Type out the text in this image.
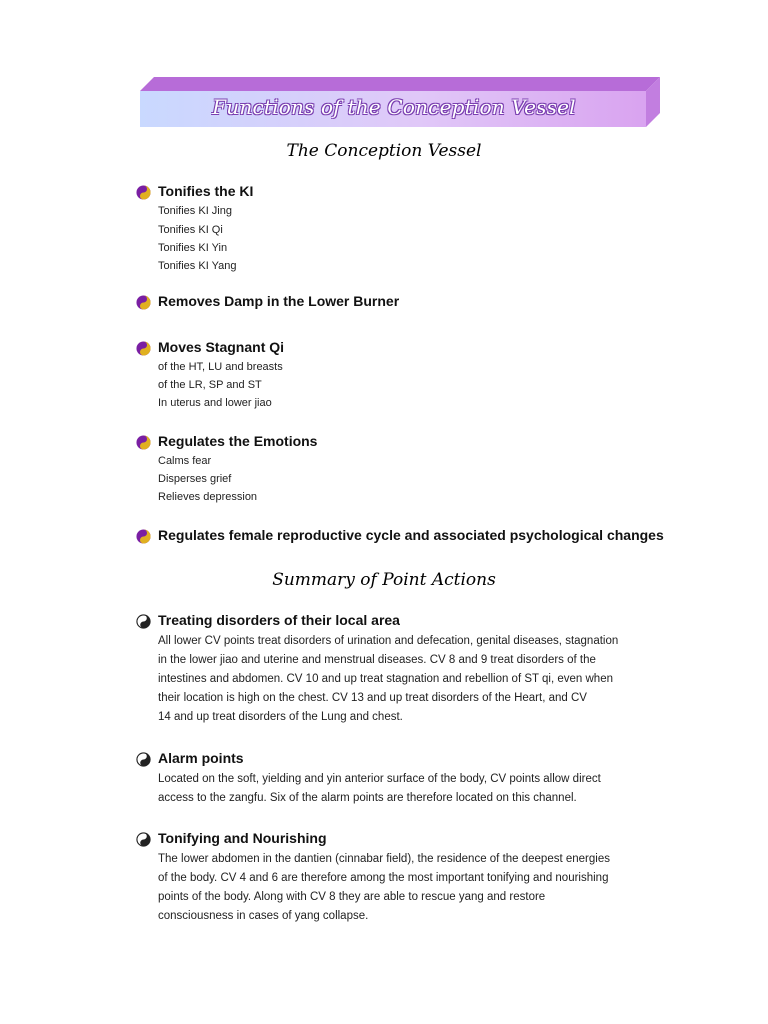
Functions of the Conception Vessel
The Conception Vessel
Tonifies the KI
Tonifies KI Jing
Tonifies KI Qi
Tonifies KI Yin
Tonifies KI Yang
Removes Damp in the Lower Burner
Moves Stagnant Qi
of the HT, LU and breasts
of the LR, SP and ST
In uterus and lower jiao
Regulates the Emotions
Calms fear
Disperses grief
Relieves depression
Regulates female reproductive cycle and associated psychological changes
Summary of Point Actions
Treating disorders of their local area
All lower CV points treat disorders of urination and defecation, genital diseases, stagnation
in the lower jiao and uterine and menstrual diseases. CV 8 and 9 treat disorders of the
intestines and abdomen. CV 10 and up treat stagnation and rebellion of ST qi, even when
their location is high on the chest. CV 13 and up treat disorders of the Heart, and CV
14 and up treat disorders of the Lung and chest.
Alarm points
Located on the soft, yielding and yin anterior surface of the body, CV points allow direct
access to the zangfu. Six of the alarm points are therefore located on this channel.
Tonifying and Nourishing
The lower abdomen in the dantien (cinnabar field), the residence of the deepest energies
of the body. CV 4 and 6 are therefore among the most important tonifying and nourishing
points of the body. Along with CV 8 they are able to rescue yang and restore
consciousness in cases of yang collapse.
